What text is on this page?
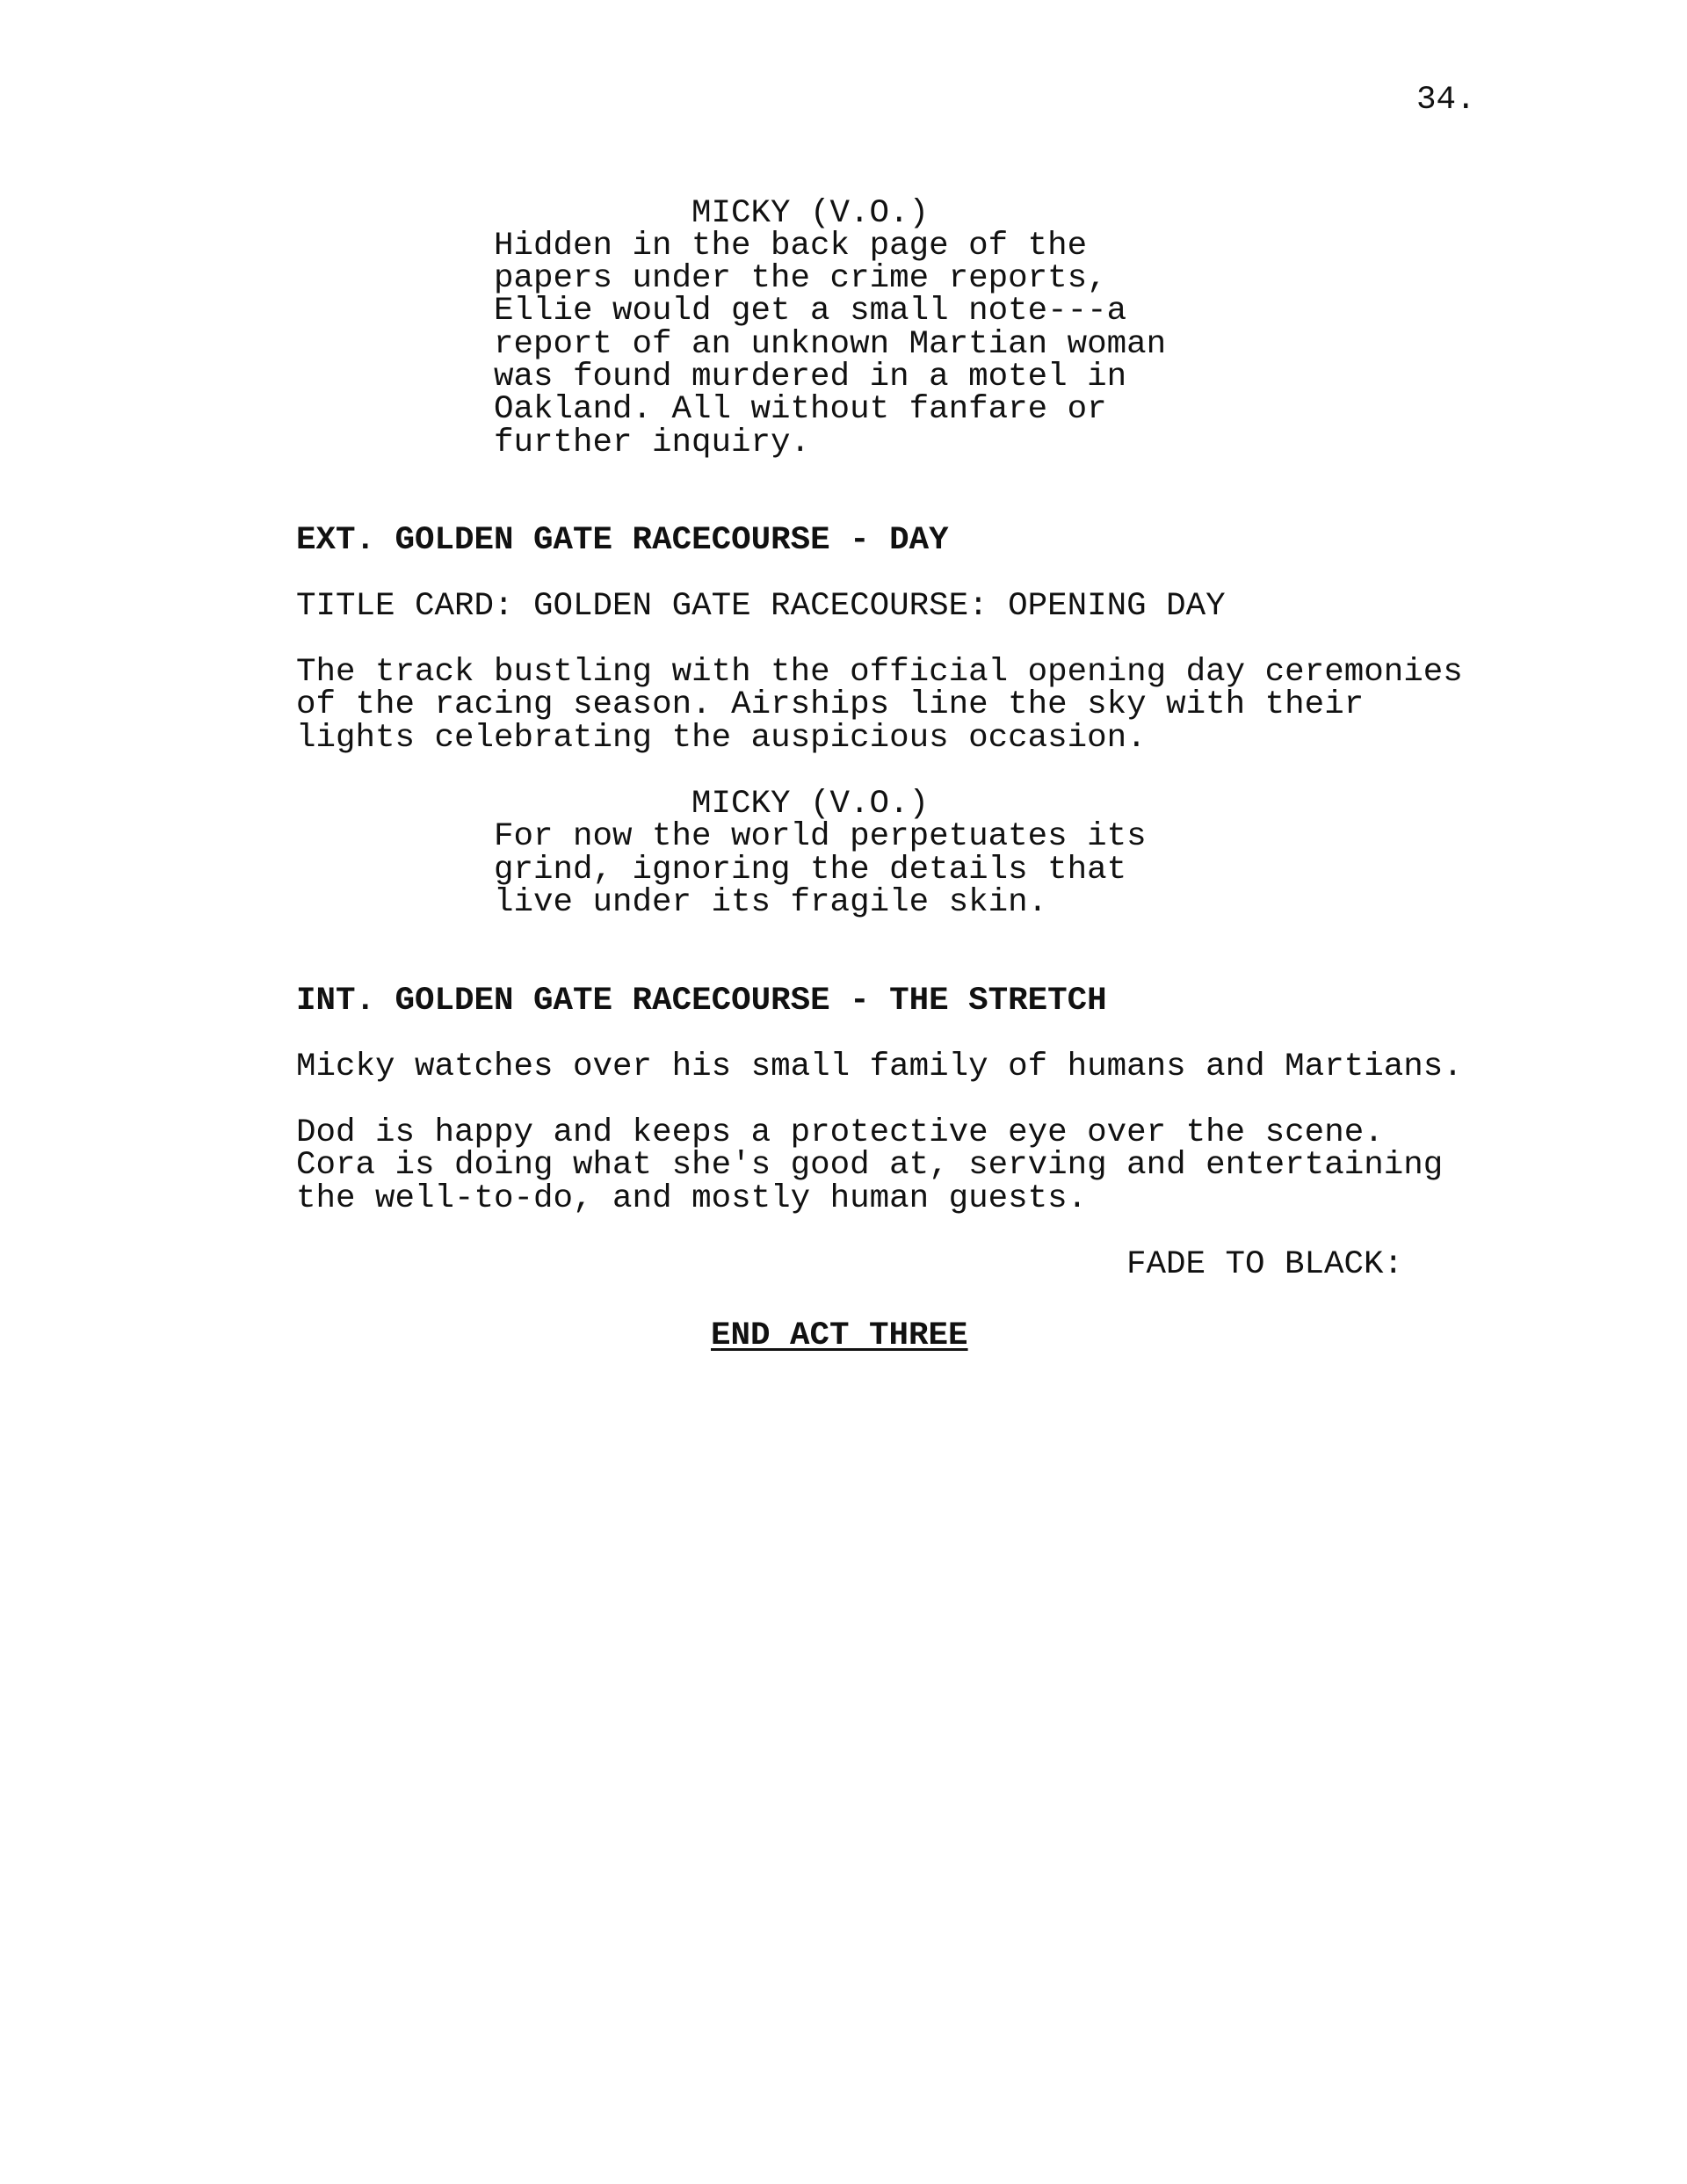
34.
MICKY (V.O.)
Hidden in the back page of the
papers under the crime reports,
Ellie would get a small note---a
report of an unknown Martian woman
was found murdered in a motel in
Oakland. All without fanfare or
further inquiry.
EXT. GOLDEN GATE RACECOURSE - DAY
TITLE CARD: GOLDEN GATE RACECOURSE: OPENING DAY
The track bustling with the official opening day ceremonies
of the racing season. Airships line the sky with their
lights celebrating the auspicious occasion.
MICKY (V.O.)
For now the world perpetuates its
grind, ignoring the details that
live under its fragile skin.
INT. GOLDEN GATE RACECOURSE - THE STRETCH
Micky watches over his small family of humans and Martians.
Dod is happy and keeps a protective eye over the scene.
Cora is doing what she's good at, serving and entertaining
the well-to-do, and mostly human guests.
FADE TO BLACK:
END ACT THREE
